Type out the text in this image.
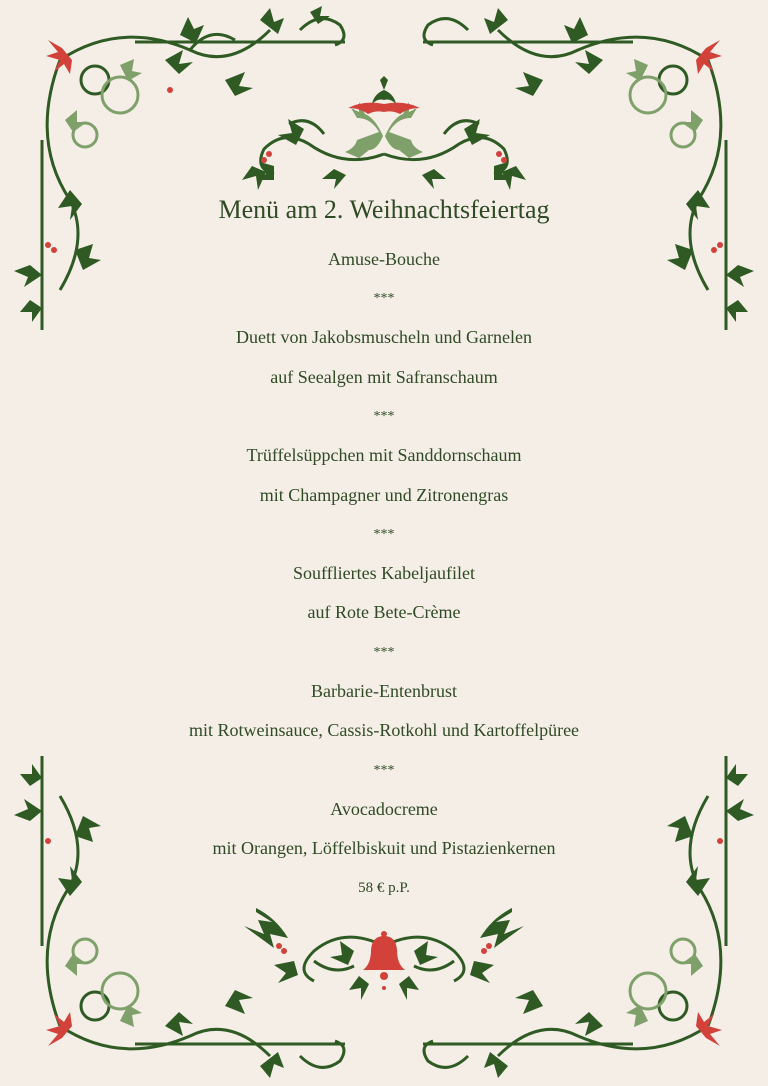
Menü am 2. Weihnachtsfeiertag
Amuse-Bouche
***
Duett von Jakobsmuscheln und Garnelen
auf Seealgen mit Safranschaum
***
Trüffelsüppchen mit Sanddornschaum
mit Champagner und Zitronengras
***
Souffliertes Kabeljaufilet
auf Rote Bete-Crème
***
Barbarie-Entenbrust
mit Rotweinsauce, Cassis-Rotkohl und Kartoffelpüree
***
Avocadocreme
mit Orangen, Löffelbiskuit und Pistazienkernen
58 € p.P.
